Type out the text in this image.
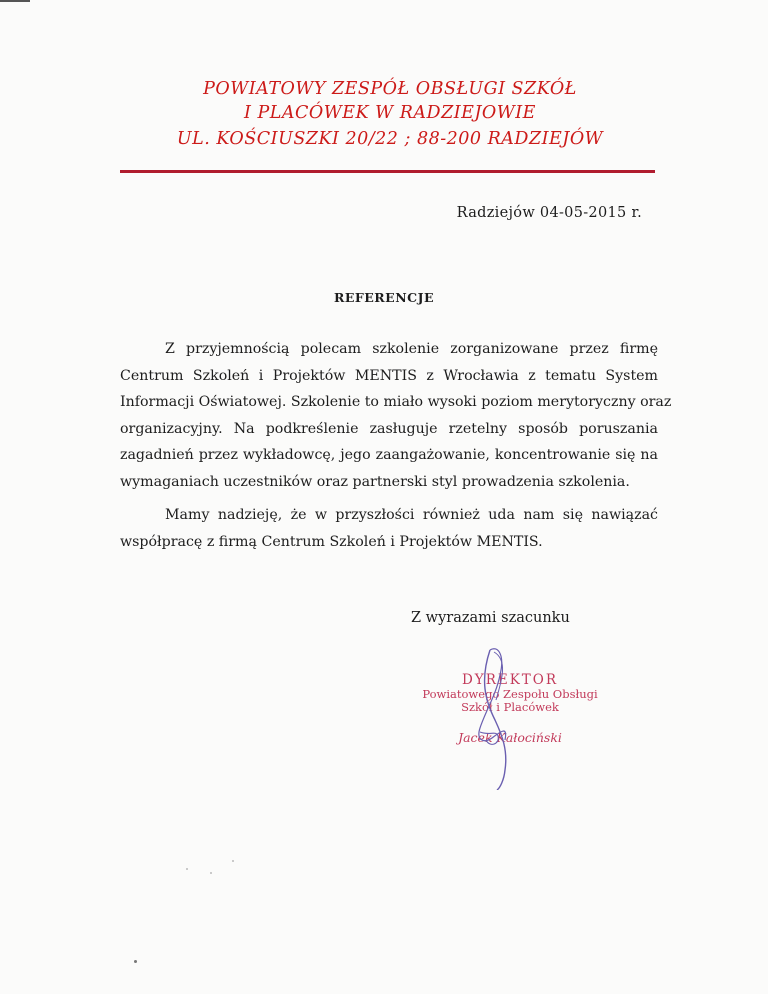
POWIATOWY ZESPÓŁ OBSŁUGI SZKÓŁ
I PLACÓWEK W RADZIEJOWIE
UL. KOŚCIUSZKI 20/22 ; 88-200 RADZIEJÓW
Radziejów 04-05-2015 r.
REFERENCJE
Z przyjemnością polecam szkolenie zorganizowane przez firmę
Centrum Szkoleń i Projektów MENTIS z Wrocławia z tematu System
Informacji Oświatowej. Szkolenie to miało wysoki poziom merytoryczny oraz
organizacyjny. Na podkreślenie zasługuje rzetelny sposób poruszania
zagadnień przez wykładowcę, jego zaangażowanie, koncentrowanie się na
wymaganiach uczestników oraz partnerski styl prowadzenia szkolenia.
Mamy nadzieję, że w przyszłości również uda nam się nawiązać
współpracę z firmą Centrum Szkoleń i Projektów MENTIS.
Z wyrazami szacunku
DYREKTOR
Powiatowego Zespołu Obsługi
Szkół i Placówek
Jacek Kałociński
